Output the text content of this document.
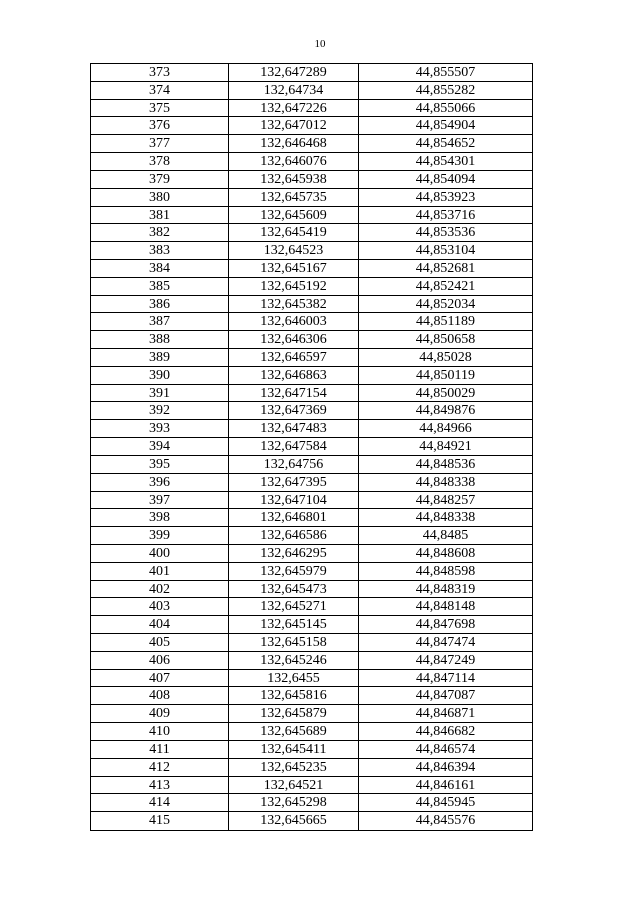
10
373	132,647289	44,855507
374	132,64734	44,855282
375	132,647226	44,855066
376	132,647012	44,854904
377	132,646468	44,854652
378	132,646076	44,854301
379	132,645938	44,854094
380	132,645735	44,853923
381	132,645609	44,853716
382	132,645419	44,853536
383	132,64523	44,853104
384	132,645167	44,852681
385	132,645192	44,852421
386	132,645382	44,852034
387	132,646003	44,851189
388	132,646306	44,850658
389	132,646597	44,85028
390	132,646863	44,850119
391	132,647154	44,850029
392	132,647369	44,849876
393	132,647483	44,84966
394	132,647584	44,84921
395	132,64756	44,848536
396	132,647395	44,848338
397	132,647104	44,848257
398	132,646801	44,848338
399	132,646586	44,8485
400	132,646295	44,848608
401	132,645979	44,848598
402	132,645473	44,848319
403	132,645271	44,848148
404	132,645145	44,847698
405	132,645158	44,847474
406	132,645246	44,847249
407	132,6455	44,847114
408	132,645816	44,847087
409	132,645879	44,846871
410	132,645689	44,846682
411	132,645411	44,846574
412	132,645235	44,846394
413	132,64521	44,846161
414	132,645298	44,845945
415	132,645665	44,845576
